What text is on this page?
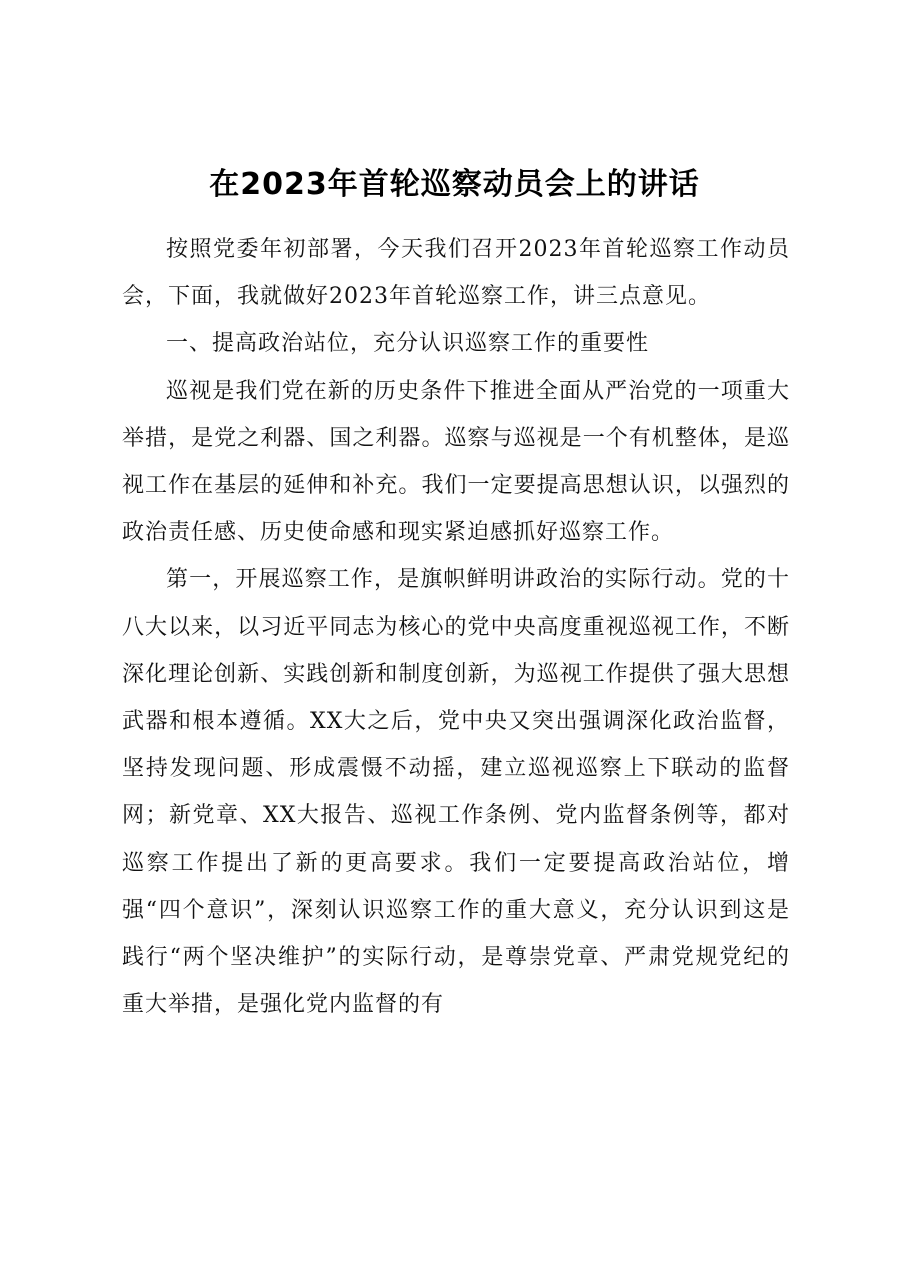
在2023年首轮巡察动员会上的讲话

按照党委年初部署，今天我们召开2023年首轮巡察工作动员会，下面，我就做好2023年首轮巡察工作，讲三点意见。

一、提高政治站位，充分认识巡察工作的重要性

巡视是我们党在新的历史条件下推进全面从严治党的一项重大举措，是党之利器、国之利器。巡察与巡视是一个有机整体，是巡视工作在基层的延伸和补充。我们一定要提高思想认识，以强烈的政治责任感、历史使命感和现实紧迫感抓好巡察工作。

第一，开展巡察工作，是旗帜鲜明讲政治的实际行动。党的十八大以来，以习近平同志为核心的党中央高度重视巡视工作，不断深化理论创新、实践创新和制度创新，为巡视工作提供了强大思想武器和根本遵循。XX大之后，党中央又突出强调深化政治监督，坚持发现问题、形成震慑不动摇，建立巡视巡察上下联动的监督网；新党章、XX大报告、巡视工作条例、党内监督条例等，都对巡察工作提出了新的更高要求。我们一定要提高政治站位，增强“四个意识”，深刻认识巡察工作的重大意义，充分认识到这是践行“两个坚决维护”的实际行动，是尊崇党章、严肃党规党纪的重大举措，是强化党内监督的有
